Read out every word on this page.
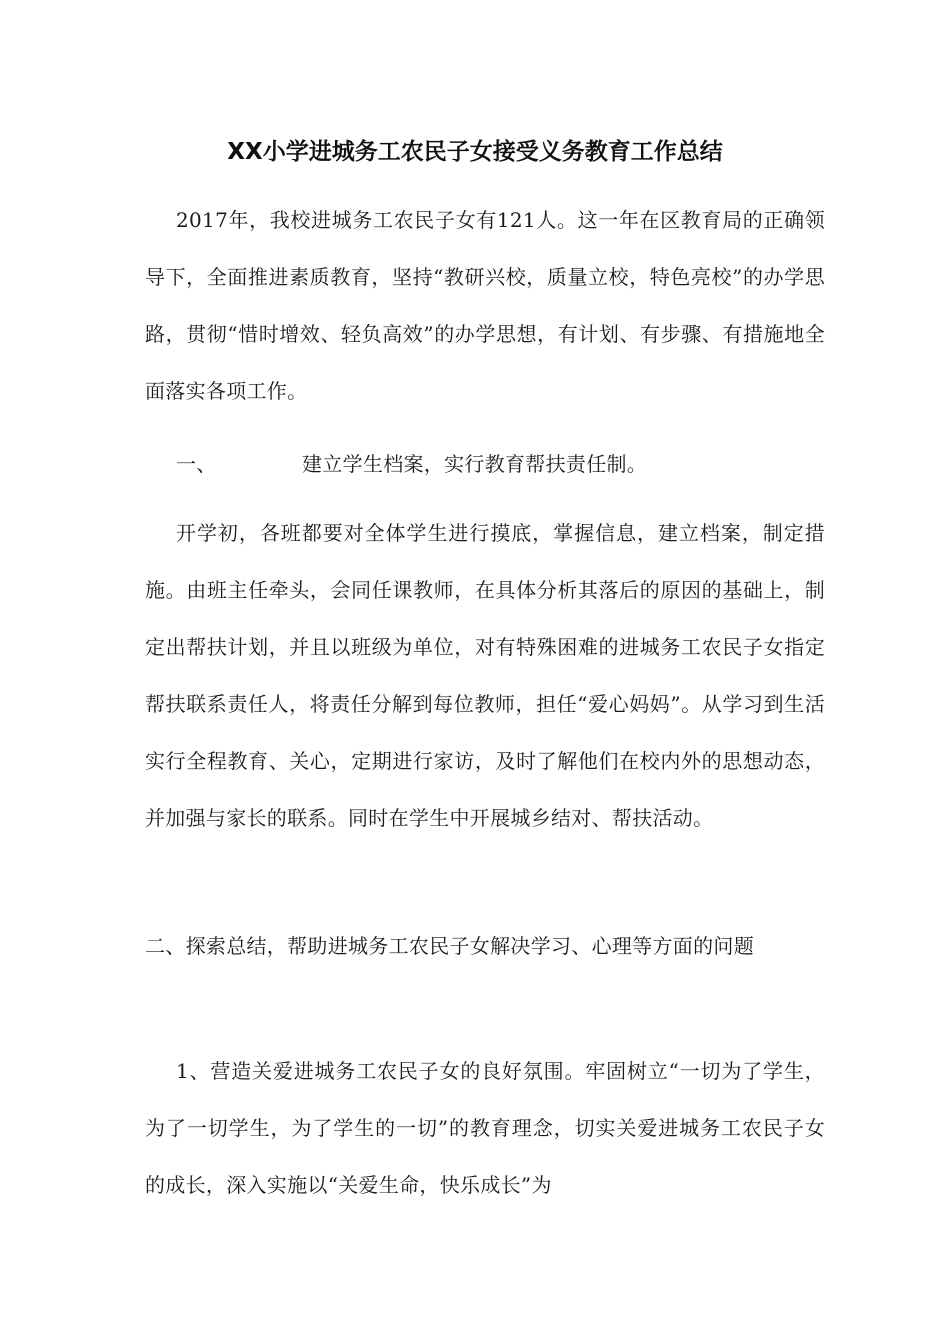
XX小学进城务工农民子女接受义务教育工作总结

2017年，我校进城务工农民子女有121人。这一年在区教育局的正确领导下，全面推进素质教育，坚持“教研兴校，质量立校，特色亮校”的办学思路，贯彻“惜时增效、轻负高效”的办学思想，有计划、有步骤、有措施地全面落实各项工作。

一、	建立学生档案，实行教育帮扶责任制。

开学初，各班都要对全体学生进行摸底，掌握信息，建立档案，制定措施。由班主任牵头，会同任课教师，在具体分析其落后的原因的基础上，制定出帮扶计划，并且以班级为单位，对有特殊困难的进城务工农民子女指定帮扶联系责任人，将责任分解到每位教师，担任“爱心妈妈”。从学习到生活实行全程教育、关心，定期进行家访，及时了解他们在校内外的思想动态，并加强与家长的联系。同时在学生中开展城乡结对、帮扶活动。

二、探索总结，帮助进城务工农民子女解决学习、心理等方面的问题

1、营造关爱进城务工农民子女的良好氛围。牢固树立“一切为了学生，为了一切学生，为了学生的一切”的教育理念，切实关爱进城务工农民子女的成长，深入实施以“关爱生命，快乐成长”为
